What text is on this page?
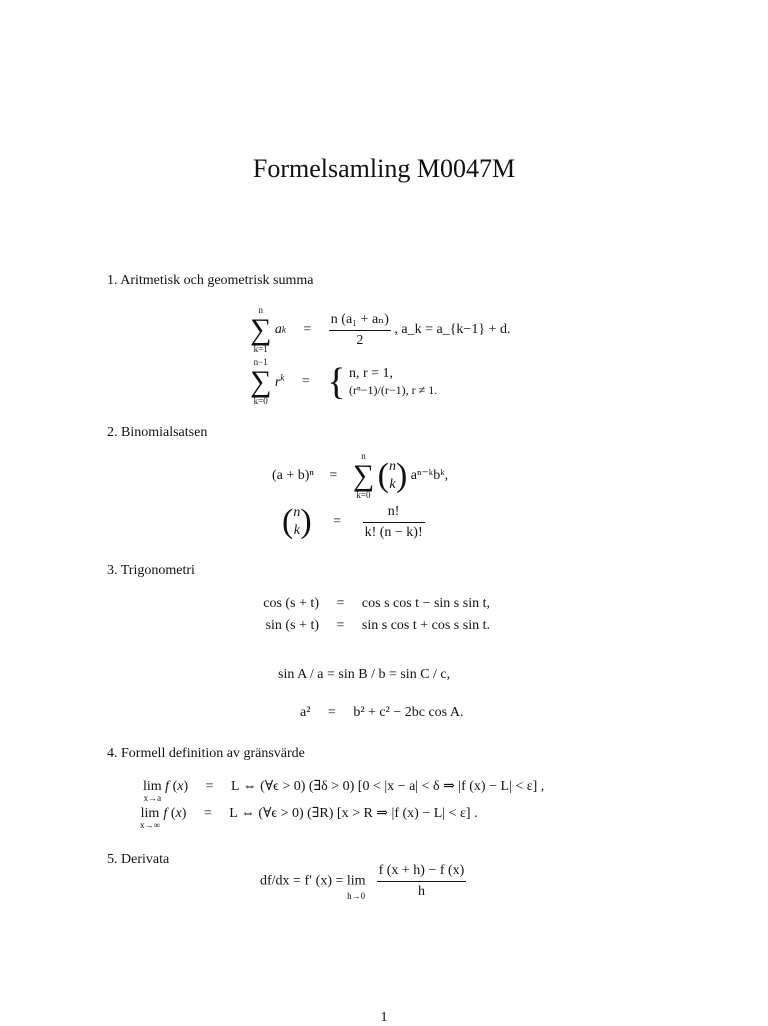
Formelsamling M0047M
1. Aritmetisk och geometrisk summa
n
∑
k=1
ak = $\frac{\text{n (a₁ + aₙ)}}{2}$ , a_k = a_{k−1} + d.
n−1
∑
k=0
$r^k$ = { n, r = 1,
(rⁿ−1)/(r−1), r ≠ 1.
2. Binomialsatsen
(a + b)ⁿ =
n
∑
k=0
( n
k ) aⁿ⁻ᵏbᵏ,
( n
k ) = $\frac{n!}{k! (n - k)!}$
3. Trigonometri
cos (s + t) = cos s cos t − sin s sin t,
sin (s + t) = sin s cos t + cos s sin t.
sin A / a = sin B / b = sin C / c,
a² = b² + c² − 2bc cos A.
4. Formell definition av gränsvärde
lim
x→a
f (x) = L ⇔ (∀ϵ > 0) (∃δ > 0) [0 < |x − a| < δ ⇒ |f (x) − L| < ε] ,
lim
x→∞
f (x) = L ⇔ (∀ϵ > 0) (∃R) [x > R ⇒ |f (x) − L| < ε] .
5. Derivata
df/dx = f′ $(x) = \lim _{h\to 0} \frac{f (x + h) - f (x)}{h}$
1
